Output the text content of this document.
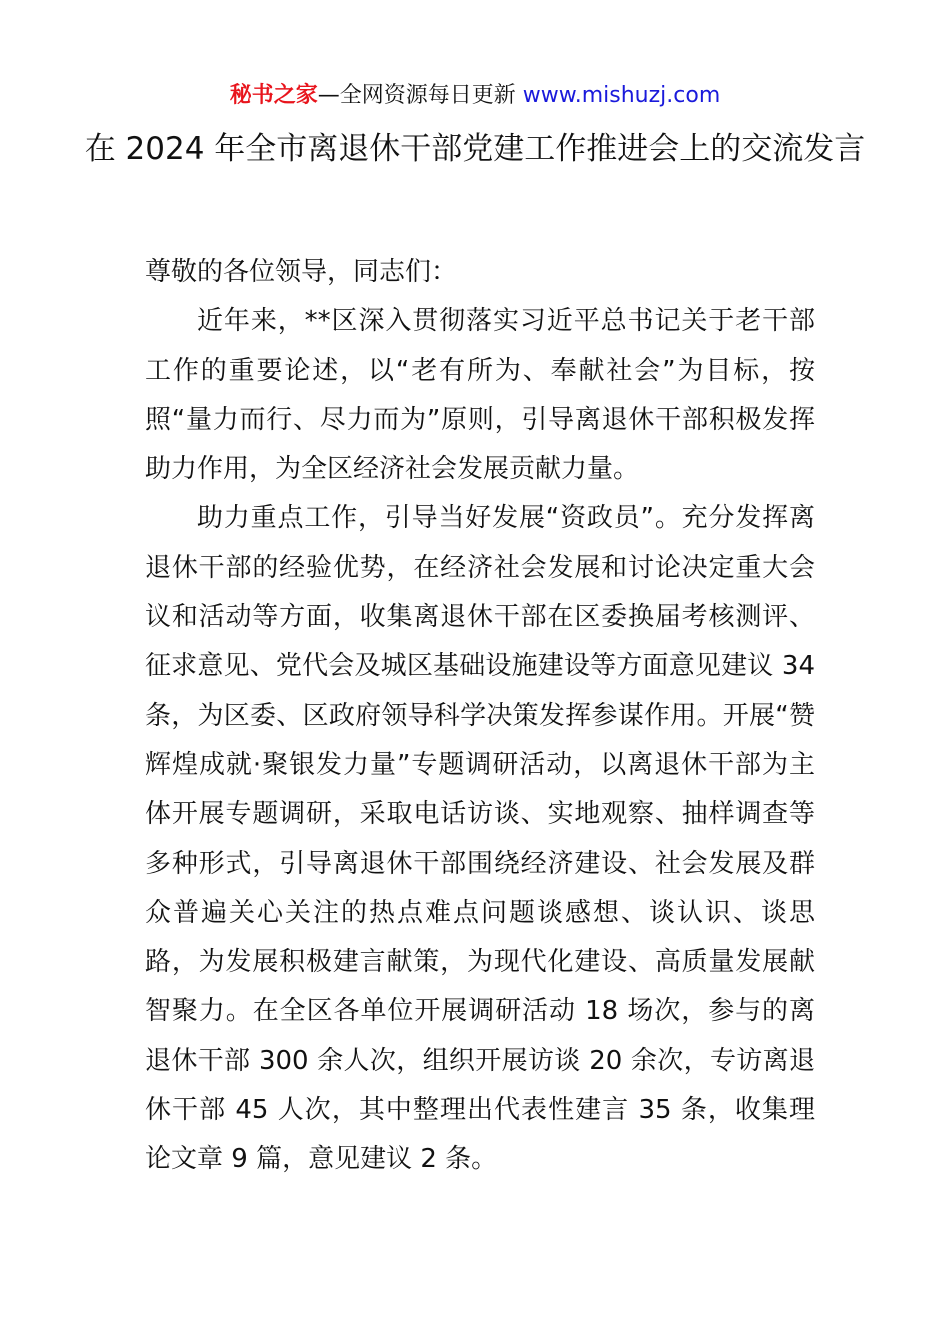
秘书之家—全网资源每日更新 www.mishuzj.com
在 2024 年全市离退休干部党建工作推进会上的交流发言

尊敬的各位领导，同志们：

近年来，**区深入贯彻落实习近平总书记关于老干部工作的重要论述，以“老有所为、奉献社会”为目标，按照“量力而行、尽力而为”原则，引导离退休干部积极发挥助力作用，为全区经济社会发展贡献力量。

助力重点工作，引导当好发展“资政员”。充分发挥离退休干部的经验优势，在经济社会发展和讨论决定重大会议和活动等方面，收集离退休干部在区委换届考核测评、征求意见、党代会及城区基础设施建设等方面意见建议 34 条，为区委、区政府领导科学决策发挥参谋作用。开展“赞辉煌成就·聚银发力量”专题调研活动，以离退休干部为主体开展专题调研，采取电话访谈、实地观察、抽样调查等多种形式，引导离退休干部围绕经济建设、社会发展及群众普遍关心关注的热点难点问题谈感想、谈认识、谈思路，为发展积极建言献策，为现代化建设、高质量发展献智聚力。在全区各单位开展调研活动 18 场次，参与的离退休干部 300 余人次，组织开展访谈 20 余次，专访离退休干部 45 人次，其中整理出代表性建言 35 条，收集理论文章 9 篇，意见建议 2 条。
